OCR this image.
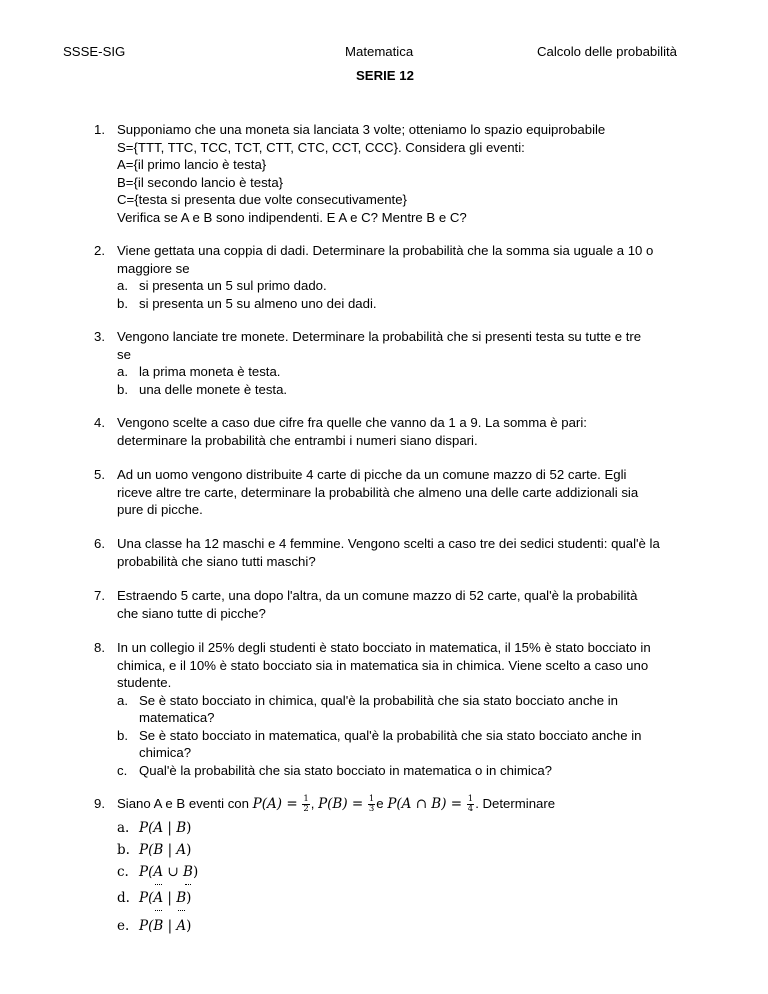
SSSE-SIG	Matematica	Calcolo delle probabilità
SERIE 12
1. Supponiamo che una moneta sia lanciata 3 volte; otteniamo lo spazio equiprobabile
S={TTT, TTC, TCC, TCT, CTT, CTC, CCT, CCC}. Considera gli eventi:
A={il primo lancio è testa}
B={il secondo lancio è testa}
C={testa si presenta due volte consecutivamente}
Verifica se A e B sono indipendenti. E A e C? Mentre B e C?
2. Viene gettata una coppia di dadi. Determinare la probabilità che la somma sia uguale a 10 o
maggiore se
a. si presenta un 5 sul primo dado.
b. si presenta un 5 su almeno uno dei dadi.
3. Vengono lanciate tre monete. Determinare la probabilità che si presenti testa su tutte e tre
se
a. la prima moneta è testa.
b. una delle monete è testa.
4. Vengono scelte a caso due cifre fra quelle che vanno da 1 a 9. La somma è pari:
determinare la probabilità che entrambi i numeri siano dispari.
5. Ad un uomo vengono distribuite 4 carte di picche da un comune mazzo di 52 carte. Egli
riceve altre tre carte, determinare la probabilità che almeno una delle carte addizionali sia
pure di picche.
6. Una classe ha 12 maschi e 4 femmine. Vengono scelti a caso tre dei sedici studenti: qual'è la
probabilità che siano tutti maschi?
7. Estraendo 5 carte, una dopo l'altra, da un comune mazzo di 52 carte, qual'è la probabilità
che siano tutte di picche?
8. In un collegio il 25% degli studenti è stato bocciato in matematica, il 15% è stato bocciato in
chimica, e il 10% è stato bocciato sia in matematica sia in chimica. Viene scelto a caso uno
studente.
a. Se è stato bocciato in chimica, qual'è la probabilità che sia stato bocciato anche in matematica?
b. Se è stato bocciato in matematica, qual'è la probabilità che sia stato bocciato anche in chimica?
c. Qual'è la probabilità che sia stato bocciato in matematica o in chimica?
9. Siano A e B eventi con $P(A) = \frac{1}{2}$ , $P(B) = \frac{1}{3}$ e P(A ∩ $B) = \frac{1}{4}$ . Determinare
a. P(A | B)
b. P(B | A)
c. P(A ∪ B)
d. P(A | B)
e. P(B | A)
